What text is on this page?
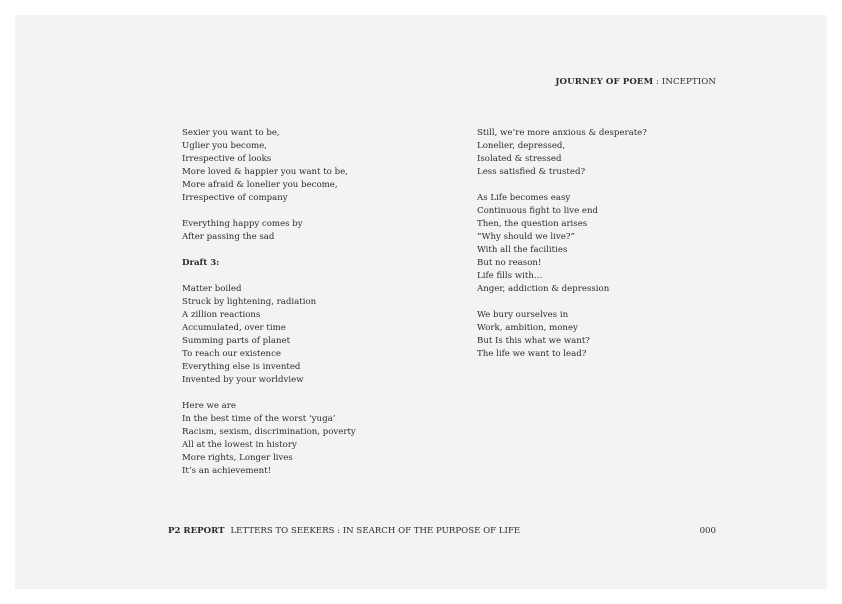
JOURNEY OF POEM : INCEPTION
Sexier you want to be,
Uglier you become,
Irrespective of looks
More loved & happier you want to be,
More afraid & lonelier you become,
Irrespective of company
Everything happy comes by
After passing the sad
Draft 3:
Matter boiled
Struck by lightening, radiation
A zillion reactions
Accumulated, over time
Summing parts of planet
To reach our existence
Everything else is invented
Invented by your worldview
Here we are
In the best time of the worst ‘yuga’
Racism, sexism, discrimination, poverty
All at the lowest in history
More rights, Longer lives
It’s an achievement!
Still, we’re more anxious & desperate?
Lonelier, depressed,
Isolated & stressed
Less satisfied & trusted?
As Life becomes easy
Continuous fight to live end
Then, the question arises
“Why should we live?”
With all the facilities
But no reason!
Life fills with…
Anger, addiction & depression
We bury ourselves in
Work, ambition, money
But Is this what we want?
The life we want to lead?
P2 REPORT LETTERS TO SEEKERS : IN SEARCH OF THE PURPOSE OF LIFE	000
